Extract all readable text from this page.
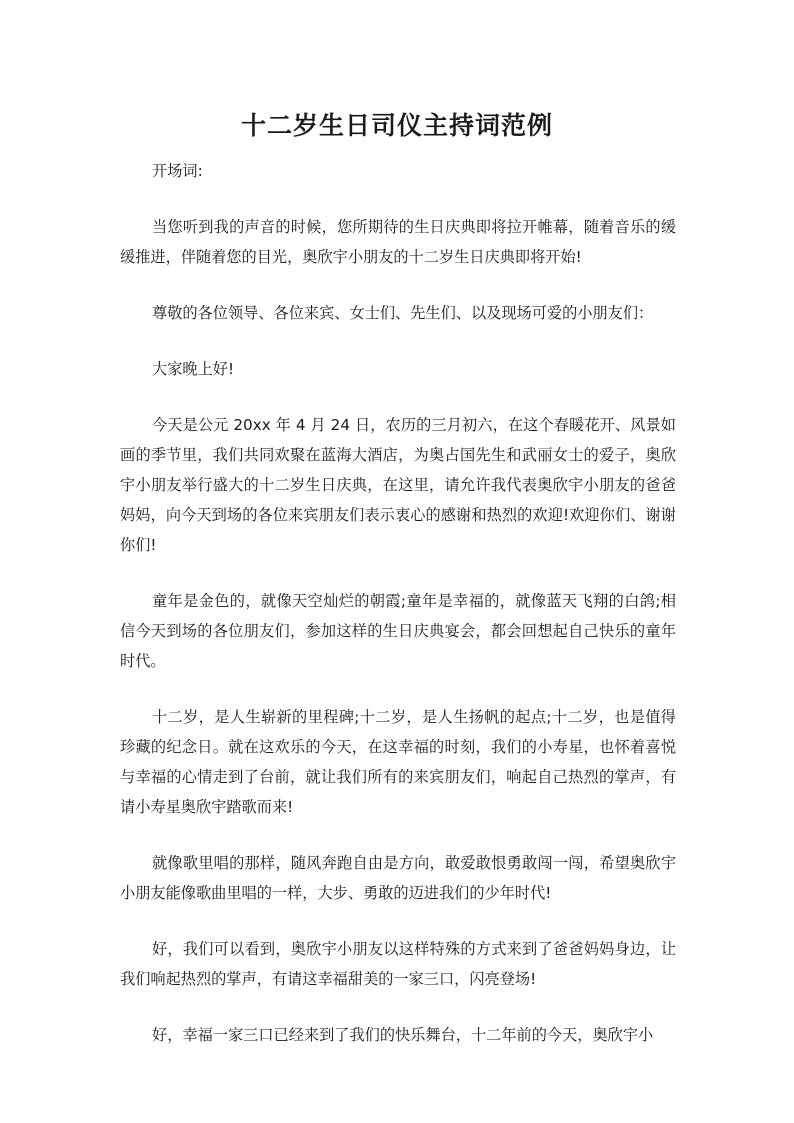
十二岁生日司仪主持词范例

开场词:

当您听到我的声音的时候，您所期待的生日庆典即将拉开帷幕，随着音乐的缓缓推进，伴随着您的目光，奥欣宇小朋友的十二岁生日庆典即将开始!

尊敬的各位领导、各位来宾、女士们、先生们、以及现场可爱的小朋友们：

大家晚上好!

今天是公元 20xx 年 4 月 24 日，农历的三月初六，在这个春暖花开、风景如画的季节里，我们共同欢聚在蓝海大酒店，为奥占国先生和武丽女士的爱子，奥欣宇小朋友举行盛大的十二岁生日庆典，在这里，请允许我代表奥欣宇小朋友的爸爸妈妈，向今天到场的各位来宾朋友们表示衷心的感谢和热烈的欢迎!欢迎你们、谢谢你们!

童年是金色的，就像天空灿烂的朝霞;童年是幸福的，就像蓝天飞翔的白鸽;相信今天到场的各位朋友们，参加这样的生日庆典宴会，都会回想起自己快乐的童年时代。

十二岁，是人生崭新的里程碑;十二岁，是人生扬帆的起点;十二岁，也是值得珍藏的纪念日。就在这欢乐的今天，在这幸福的时刻，我们的小寿星，也怀着喜悦与幸福的心情走到了台前，就让我们所有的来宾朋友们，响起自己热烈的掌声，有请小寿星奥欣宇踏歌而来!

就像歌里唱的那样，随风奔跑自由是方向，敢爱敢恨勇敢闯一闯，希望奥欣宇小朋友能像歌曲里唱的一样，大步、勇敢的迈进我们的少年时代!

好，我们可以看到，奥欣宇小朋友以这样特殊的方式来到了爸爸妈妈身边，让我们响起热烈的掌声，有请这幸福甜美的一家三口，闪亮登场!

好，幸福一家三口已经来到了我们的快乐舞台，十二年前的今天，奥欣宇小
